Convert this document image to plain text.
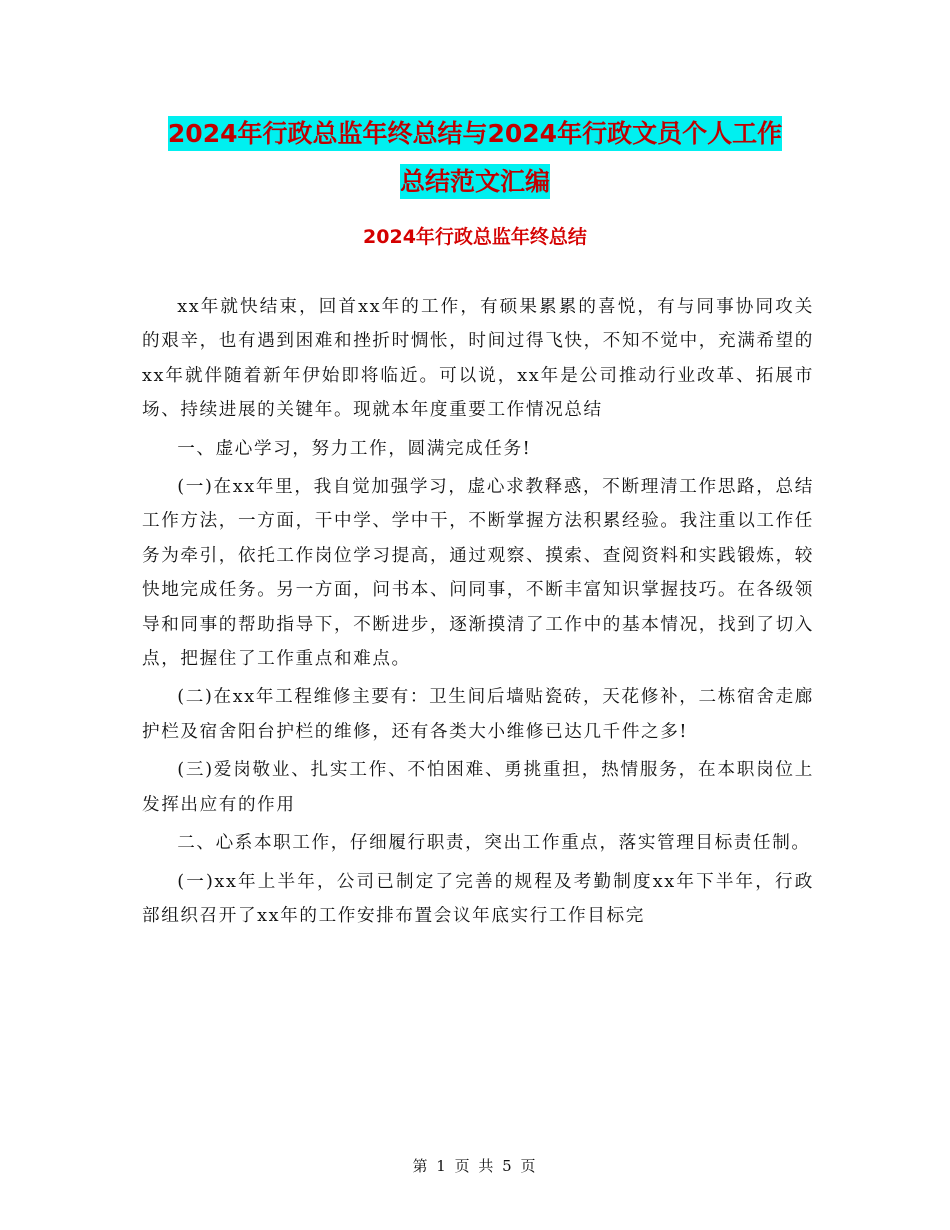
2024年行政总监年终总结与2024年行政文员个人工作
总结范文汇编
2024年行政总监年终总结

xx年就快结束，回首xx年的工作，有硕果累累的喜悦，有与同事协同攻关的艰辛，也有遇到困难和挫折时惆怅，时间过得飞快，不知不觉中，充满希望的 xx年就伴随着新年伊始即将临近。可以说，xx年是公司推动行业改革、拓展市场、持续进展的关键年。现就本年度重要工作情况总结

一、虚心学习，努力工作，圆满完成任务!

(一)在xx年里，我自觉加强学习，虚心求教释惑，不断理清工作思路，总结工作方法，一方面，干中学、学中干，不断掌握方法积累经验。我注重以工作任务为牵引，依托工作岗位学习提高，通过观察、摸索、查阅资料和实践锻炼，较快地完成任务。另一方面，问书本、问同事，不断丰富知识掌握技巧。在各级领导和同事的帮助指导下，不断进步，逐渐摸清了工作中的基本情况，找到了切入点，把握住了工作重点和难点。

(二)在xx年工程维修主要有：卫生间后墙贴瓷砖，天花修补，二栋宿舍走廊护栏及宿舍阳台护栏的维修，还有各类大小维修已达几千件之多!

(三)爱岗敬业、扎实工作、不怕困难、勇挑重担，热情服务，在本职岗位上发挥出应有的作用

二、心系本职工作，仔细履行职责，突出工作重点，落实管理目标责任制。

(一)xx年上半年，公司已制定了完善的规程及考勤制度xx年下半年，行政部组织召开了xx年的工作安排布置会议年底实行工作目标完

第 1 页 共 5 页
